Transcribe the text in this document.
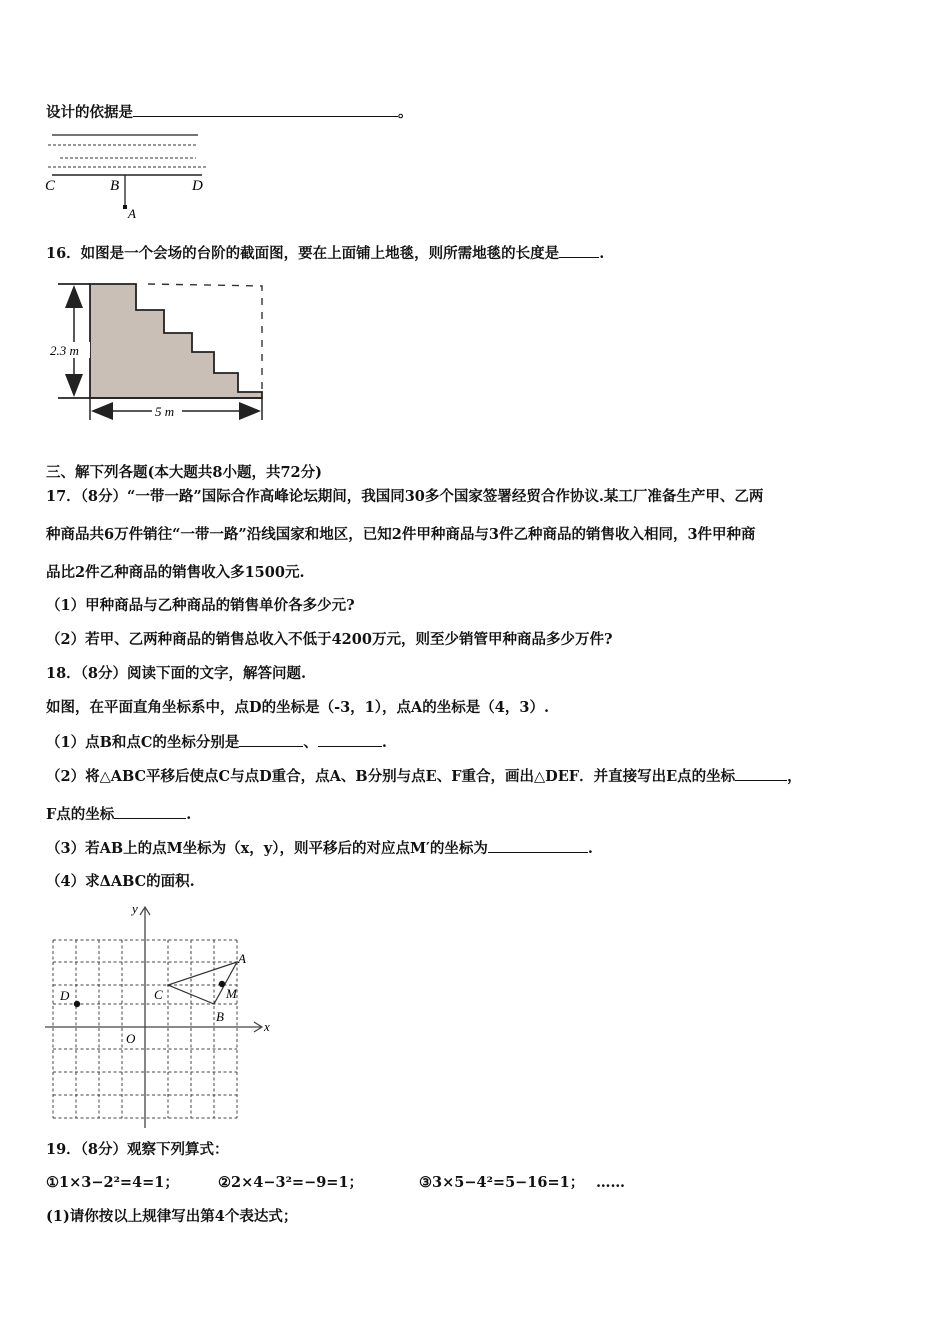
设计的依据是	。
C	B	D
A
16．如图是一个会场的台阶的截面图，要在上面铺上地毯，则所需地毯的长度是	.
2.3 m
5 m
三、解下列各题(本大题共8小题，共72分)
17．（8分）“一带一路”国际合作高峰论坛期间，我国同30多个国家签署经贸合作协议.某工厂准备生产甲、乙两
种商品共6万件销往“一带一路”沿线国家和地区，已知2件甲种商品与3件乙种商品的销售收入相同，3件甲种商
品比2件乙种商品的销售收入多1500元.
（1）甲种商品与乙种商品的销售单价各多少元?
（2）若甲、乙两种商品的销售总收入不低于4200万元，则至少销管甲种商品多少万件?
18．（8分）阅读下面的文字，解答问题.
如图，在平面直角坐标系中，点D的坐标是（-3，1），点A的坐标是（4，3）.
（1）点B和点C的坐标分别是	、	.
（2）将△ABC平移后使点C与点D重合，点A、B分别与点E、F重合，画出△DEF．并直接写出E点的坐标	，
F点的坐标	.
（3）若AB上的点M坐标为（x，y），则平移后的对应点M′的坐标为	.
（4）求ΔABC的面积.
x
y
O
A
B
C
D	M
19．（8分）观察下列算式：
①1×3−2²=4=1；	②2×4−3²=−9=1；	③3×5−4²=5−16=1； ……
(1)请你按以上规律写出第4个表达式；
